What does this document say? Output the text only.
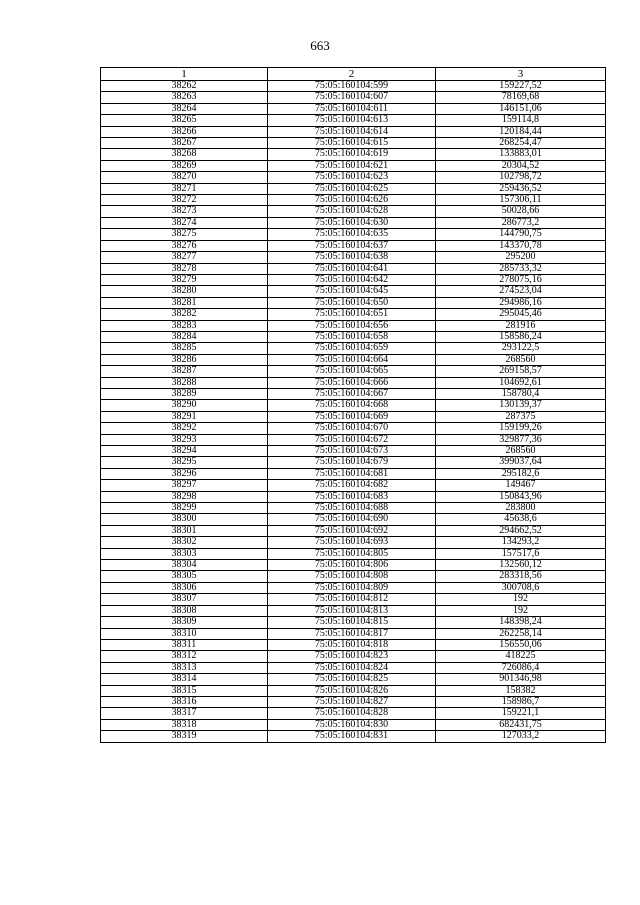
663
1	2	3
38262	75:05:160104:599	159227,52
38263	75:05:160104:607	78169,68
38264	75:05:160104:611	146151,06
38265	75:05:160104:613	159114,8
38266	75:05:160104:614	120184,44
38267	75:05:160104:615	268254,47
38268	75:05:160104:619	133883,01
38269	75:05:160104:621	20304,52
38270	75:05:160104:623	102798,72
38271	75:05:160104:625	259436,52
38272	75:05:160104:626	157306,11
38273	75:05:160104:628	50028,66
38274	75:05:160104:630	286773,2
38275	75:05:160104:635	144790,75
38276	75:05:160104:637	143370,78
38277	75:05:160104:638	295200
38278	75:05:160104:641	285733,32
38279	75:05:160104:642	278075,16
38280	75:05:160104:645	274523,04
38281	75:05:160104:650	294986,16
38282	75:05:160104:651	295045,46
38283	75:05:160104:656	281916
38284	75:05:160104:658	158586,24
38285	75:05:160104:659	293122,5
38286	75:05:160104:664	268560
38287	75:05:160104:665	269158,57
38288	75:05:160104:666	104692,61
38289	75:05:160104:667	158780,4
38290	75:05:160104:668	130139,37
38291	75:05:160104:669	287375
38292	75:05:160104:670	159199,26
38293	75:05:160104:672	329877,36
38294	75:05:160104:673	268560
38295	75:05:160104:679	399037,64
38296	75:05:160104:681	295182,6
38297	75:05:160104:682	149467
38298	75:05:160104:683	150843,96
38299	75:05:160104:688	283800
38300	75:05:160104:690	45638,6
38301	75:05:160104:692	294662,52
38302	75:05:160104:693	134293,2
38303	75:05:160104:805	157517,6
38304	75:05:160104:806	132560,12
38305	75:05:160104:808	283318,56
38306	75:05:160104:809	300708,6
38307	75:05:160104:812	192
38308	75:05:160104:813	192
38309	75:05:160104:815	148398,24
38310	75:05:160104:817	262258,14
38311	75:05:160104:818	156550,06
38312	75:05:160104:823	418225
38313	75:05:160104:824	726086,4
38314	75:05:160104:825	901346,98
38315	75:05:160104:826	158382
38316	75:05:160104:827	158986,7
38317	75:05:160104:828	159221,1
38318	75:05:160104:830	682431,75
38319	75:05:160104:831	127033,2
